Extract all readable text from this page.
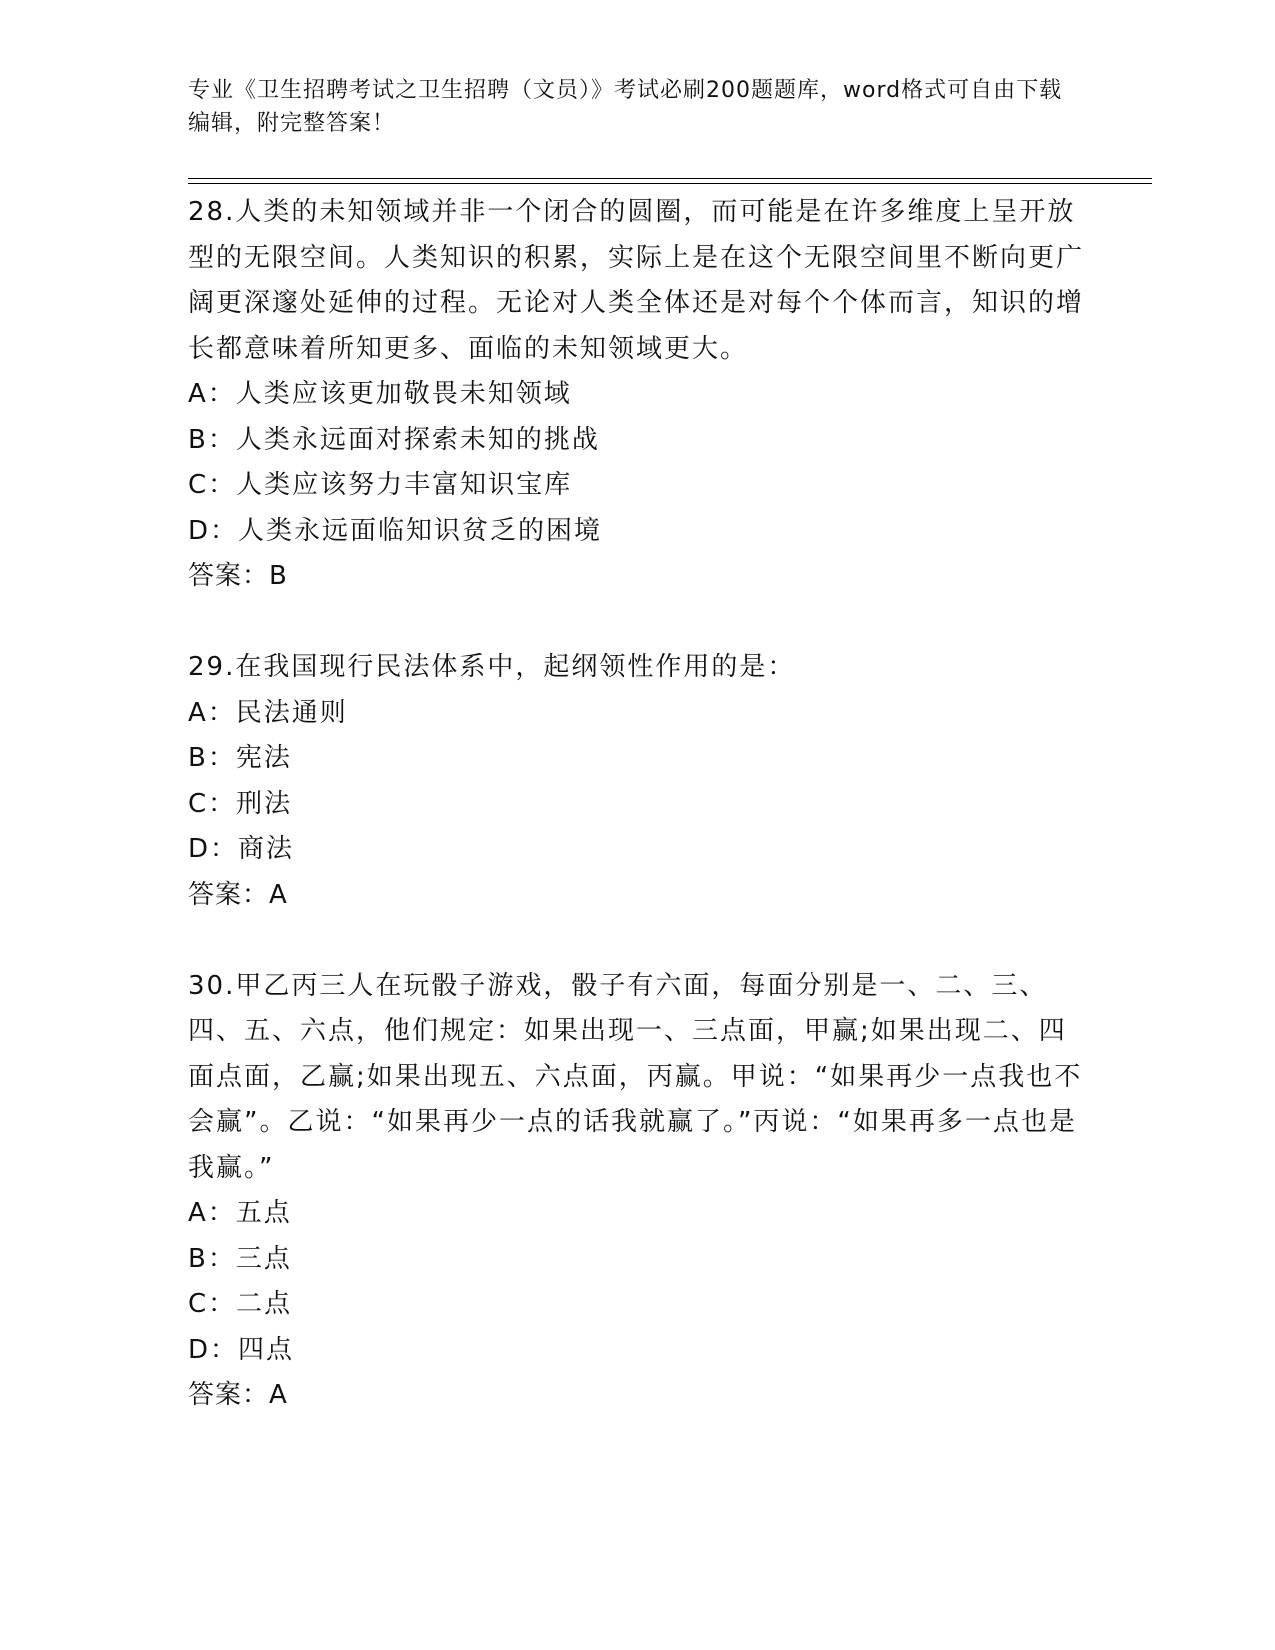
专业《卫生招聘考试之卫生招聘（文员）》考试必刷200题题库，word格式可自由下载编辑，附完整答案！

28.人类的未知领域并非一个闭合的圆圈，而可能是在许多维度上呈开放型的无限空间。人类知识的积累，实际上是在这个无限空间里不断向更广阔更深邃处延伸的过程。无论对人类全体还是对每个个体而言，知识的增长都意味着所知更多、面临的未知领域更大。

A：人类应该更加敬畏未知领域

B：人类永远面对探索未知的挑战

C：人类应该努力丰富知识宝库

D：人类永远面临知识贫乏的困境

答案：B

29.在我国现行民法体系中，起纲领性作用的是：

A：民法通则

B：宪法

C：刑法

D：商法

答案：A

30.甲乙丙三人在玩骰子游戏，骰子有六面，每面分别是一、二、三、四、五、六点，他们规定：如果出现一、三点面，甲赢;如果出现二、四面点面，乙赢;如果出现五、六点面，丙赢。甲说：“如果再少一点我也不会赢”。乙说：“如果再少一点的话我就赢了。”丙说：“如果再多一点也是我赢。”

A：五点

B：三点

C：二点

D：四点

答案：A
